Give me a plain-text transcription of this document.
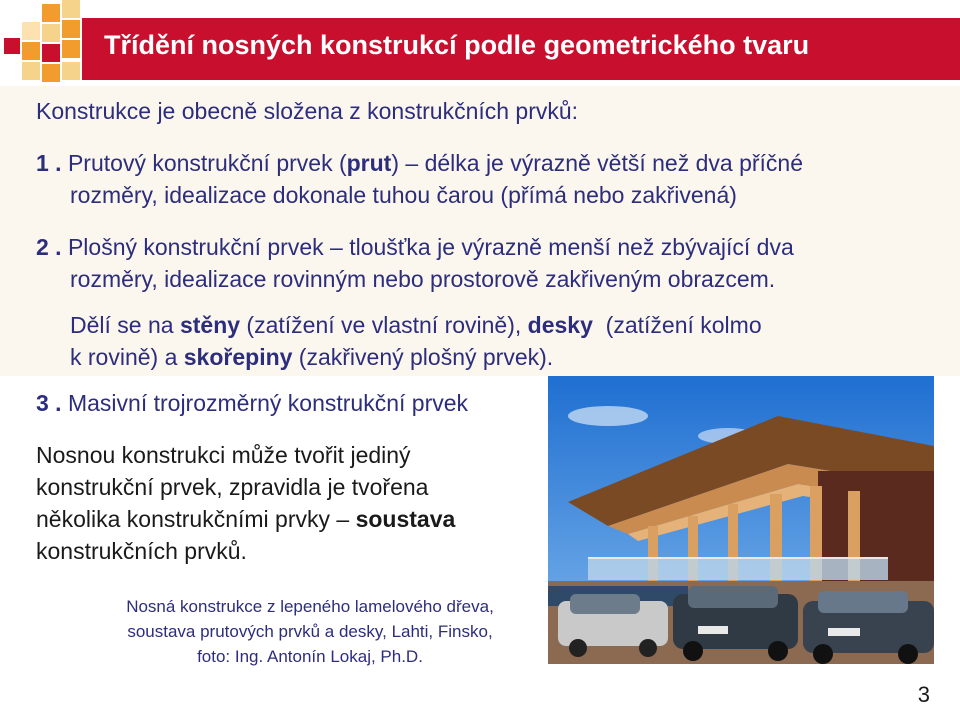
Třídění nosných konstrukcí podle geometrického tvaru

Konstrukce je obecně složena z konstrukčních prvků:

1 . Prutový konstrukční prvek (prut) – délka je výrazně větší než dva příčné

rozměry, idealizace dokonale tuhou čarou (přímá nebo zakřivená)

2 . Plošný konstrukční prvek – tloušťka je výrazně menší než zbývající dva

rozměry, idealizace rovinným nebo prostorově zakřiveným obrazcem.

Dělí se na stěny (zatížení ve vlastní rovině), desky  (zatížení kolmo

k rovině) a skořepiny (zakřivený plošný prvek).

3 . Masivní trojrozměrný konstrukční prvek

Nosnou konstrukci může tvořit jediný

konstrukční prvek, zpravidla je tvořena

několika konstrukčními prvky – soustava

konstrukčních prvků.

Nosná konstrukce z lepeného lamelového dřeva,
soustava prutových prvků a desky, Lahti, Finsko,
foto: Ing. Antonín Lokaj, Ph.D.
3
